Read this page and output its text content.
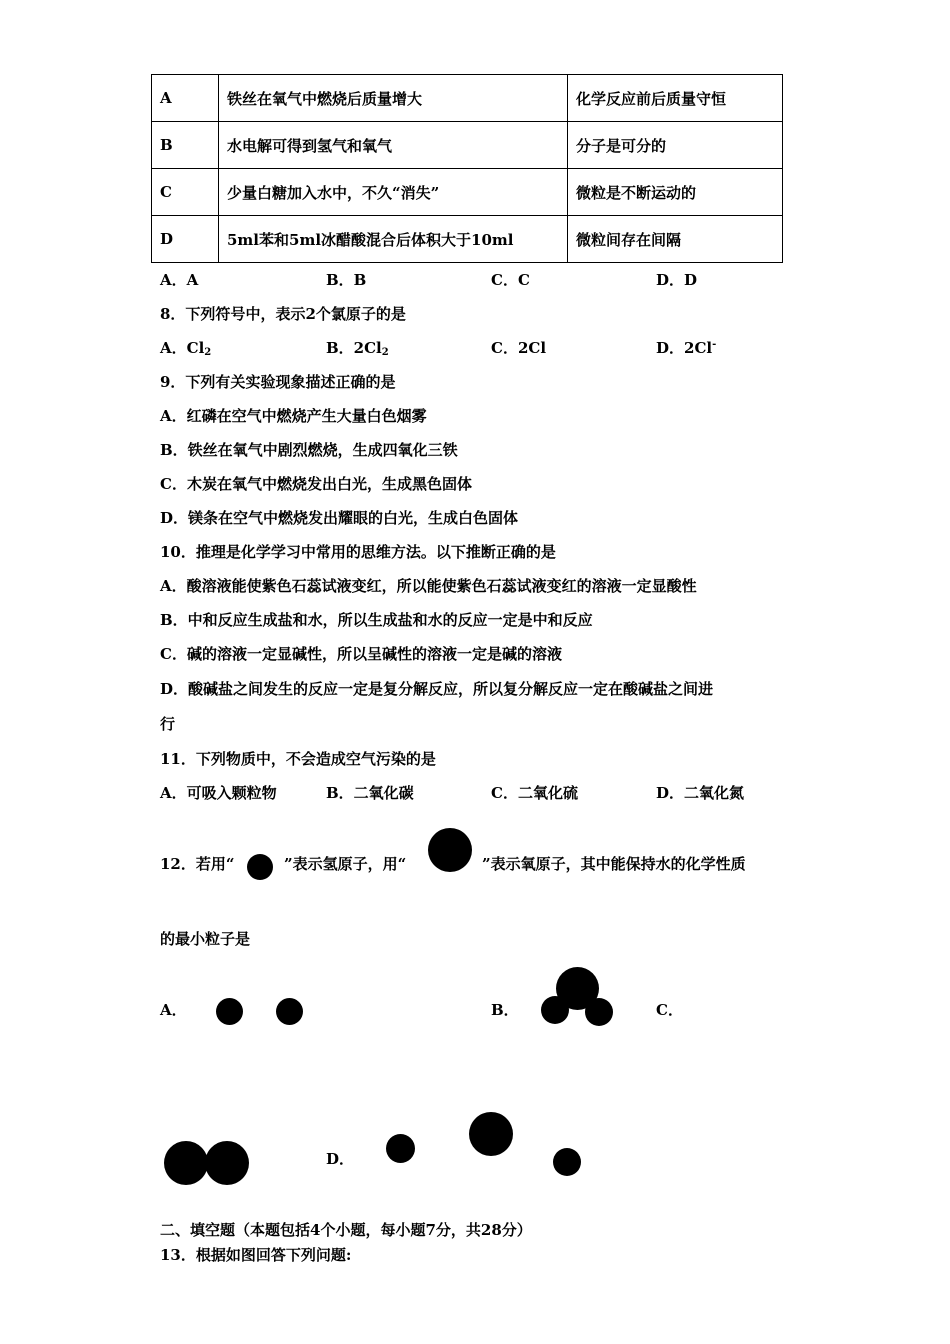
A	铁丝在氧气中燃烧后质量增大	化学反应前后质量守恒
B	水电解可得到氢气和氧气	分子是可分的
C	少量白糖加入水中，不久“消失”	微粒是不断运动的
D	5ml苯和5ml冰醋酸混合后体积大于10ml	微粒间存在间隔
A．A	B．B	C．C	D．D
8．下列符号中，表示2个氯原子的是
A．$Cl_2$	B．$2Cl_2$	C．2Cl	D．2Cl-
9．下列有关实验现象描述正确的是
A．红磷在空气中燃烧产生大量白色烟雾
B．铁丝在氧气中剧烈燃烧，生成四氧化三铁
C．木炭在氧气中燃烧发出白光，生成黑色固体
D．镁条在空气中燃烧发出耀眼的白光，生成白色固体
10．推理是化学学习中常用的思维方法。以下推断正确的是
A．酸溶液能使紫色石蕊试液变红，所以能使紫色石蕊试液变红的溶液一定显酸性
B．中和反应生成盐和水，所以生成盐和水的反应一定是中和反应
C．碱的溶液一定显碱性，所以呈碱性的溶液一定是碱的溶液
D．酸碱盐之间发生的反应一定是复分解反应，所以复分解反应一定在酸碱盐之间进
行
11．下列物质中，不会造成空气污染的是
A．可吸入颗粒物	B．二氧化碳	C．二氧化硫	D．二氧化氮
12．若用“	”表示氢原子，用“	”表示氧原子，其中能保持水的化学性质
的最小粒子是
A．	B．	C．
D．
二、填空题（本题包括4个小题，每小题7分，共28分）
13．根据如图回答下列问题:
